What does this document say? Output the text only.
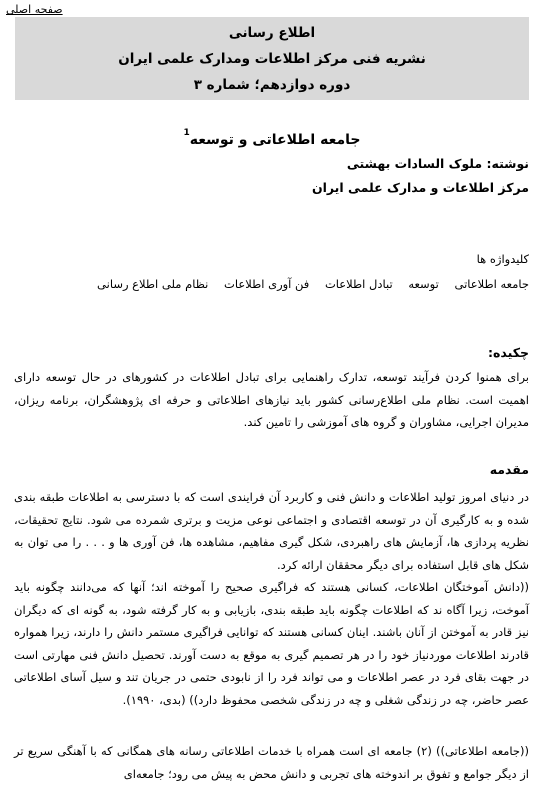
صفحه اصلی
اطلاع رسانی
نشریه فنی مرکز اطلاعات ومدارک علمی ایران
دوره دوازدهم؛ شماره ۳
جامعه اطلاعاتی و توسعه$^1$
نوشته: ملوک السادات بهشتی
مرکز اطلاعات و مدارک علمی ایران
کلیدواژه ها
جامعه اطلاعاتی توسعه تبادل اطلاعات فن آوری اطلاعات نظام ملی اطلاع رسانی
چکیده:
برای همنوا کردن فرآیند توسعه، تدارک راهنمایی برای تبادل اطلاعات در کشورهای در حال توسعه دارای اهمیت است. نظام ملی اطلاع‌رسانی کشور باید نیازهای اطلاعاتی و حرفه ای پژوهشگران، برنامه ریزان، مدیران اجرایی، مشاوران و گروه های آموزشی را تامین کند.
مقدمه
در دنیای امروز تولید اطلاعات و دانش فنی و کاربرد آن فرایندی است که با دسترسی به اطلاعات طبقه بندی شده و به کارگیری آن در توسعه اقتصادی و اجتماعی نوعی مزیت و برتری شمرده می شود. نتایج تحقیقات، نظریه پردازی ها، آزمایش های راهبردی، شکل گیری مفاهیم، مشاهده ها، فن آوری ها و . . . را می توان به شکل های قابل استفاده برای دیگر محققان ارائه کرد.
((دانش آموختگان اطلاعات، کسانی هستند که فراگیری صحیح را آموخته اند؛ آنها که می‌دانند چگونه باید آموخت، زیرا آگاه ند که اطلاعات چگونه باید طبقه بندی، بازیابی و به کار گرفته شود، به گونه ای که دیگران نیز قادر به آموختن از آنان باشند. اینان کسانی هستند که توانایی فراگیری مستمر دانش را دارند، زیرا همواره قادرند اطلاعات موردنیاز خود را در هر تصمیم گیری به موقع به دست آورند. تحصیل دانش فنی مهارتی است در جهت بقای فرد در عصر اطلاعات و می تواند فرد را از نابودی حتمی در جریان تند و سیل آسای اطلاعاتی عصر حاضر، چه در زندگی شغلی و چه در زندگی شخصی محفوظ دارد)) (بدی، ۱۹۹۰).
((جامعه اطلاعاتی)) (۲) جامعه ای است همراه با خدمات اطلاعاتی رسانه های همگانی که با آهنگی سریع تر از دیگر جوامع و تفوق بر اندوخته های تجربی و دانش محض به پیش می رود؛ جامعه‌ای
